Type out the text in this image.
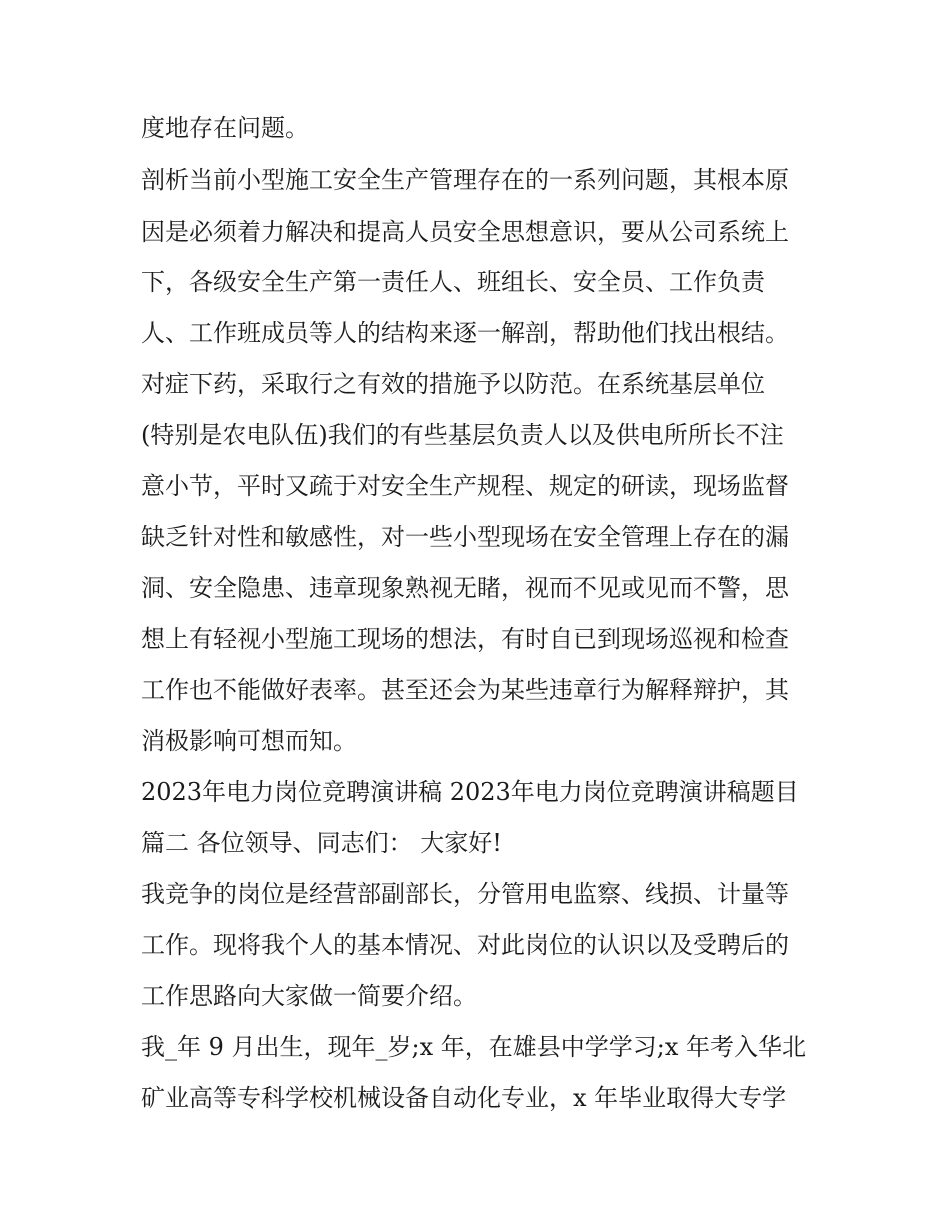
度地存在问题。
剖析当前小型施工安全生产管理存在的一系列问题，其根本原
因是必须着力解决和提高人员安全思想意识，要从公司系统上
下，各级安全生产第一责任人、班组长、安全员、工作负责
人、工作班成员等人的结构来逐一解剖，帮助他们找出根结。
对症下药，采取行之有效的措施予以防范。在系统基层单位
(特别是农电队伍)我们的有些基层负责人以及供电所所长不注
意小节，平时又疏于对安全生产规程、规定的研读，现场监督
缺乏针对性和敏感性，对一些小型现场在安全管理上存在的漏
洞、安全隐患、违章现象熟视无睹，视而不见或见而不警，思
想上有轻视小型施工现场的想法，有时自已到现场巡视和检查
工作也不能做好表率。甚至还会为某些违章行为解释辩护，其
消极影响可想而知。
2023年电力岗位竞聘演讲稿 2023年电力岗位竞聘演讲稿题目
篇二 各位领导、同志们： 大家好!
我竞争的岗位是经营部副部长，分管用电监察、线损、计量等
工作。现将我个人的基本情况、对此岗位的认识以及受聘后的
工作思路向大家做一简要介绍。
我_年 9 月出生，现年_岁;x 年，在雄县中学学习;x 年考入华北
矿业高等专科学校机械设备自动化专业，x 年毕业取得大专学
